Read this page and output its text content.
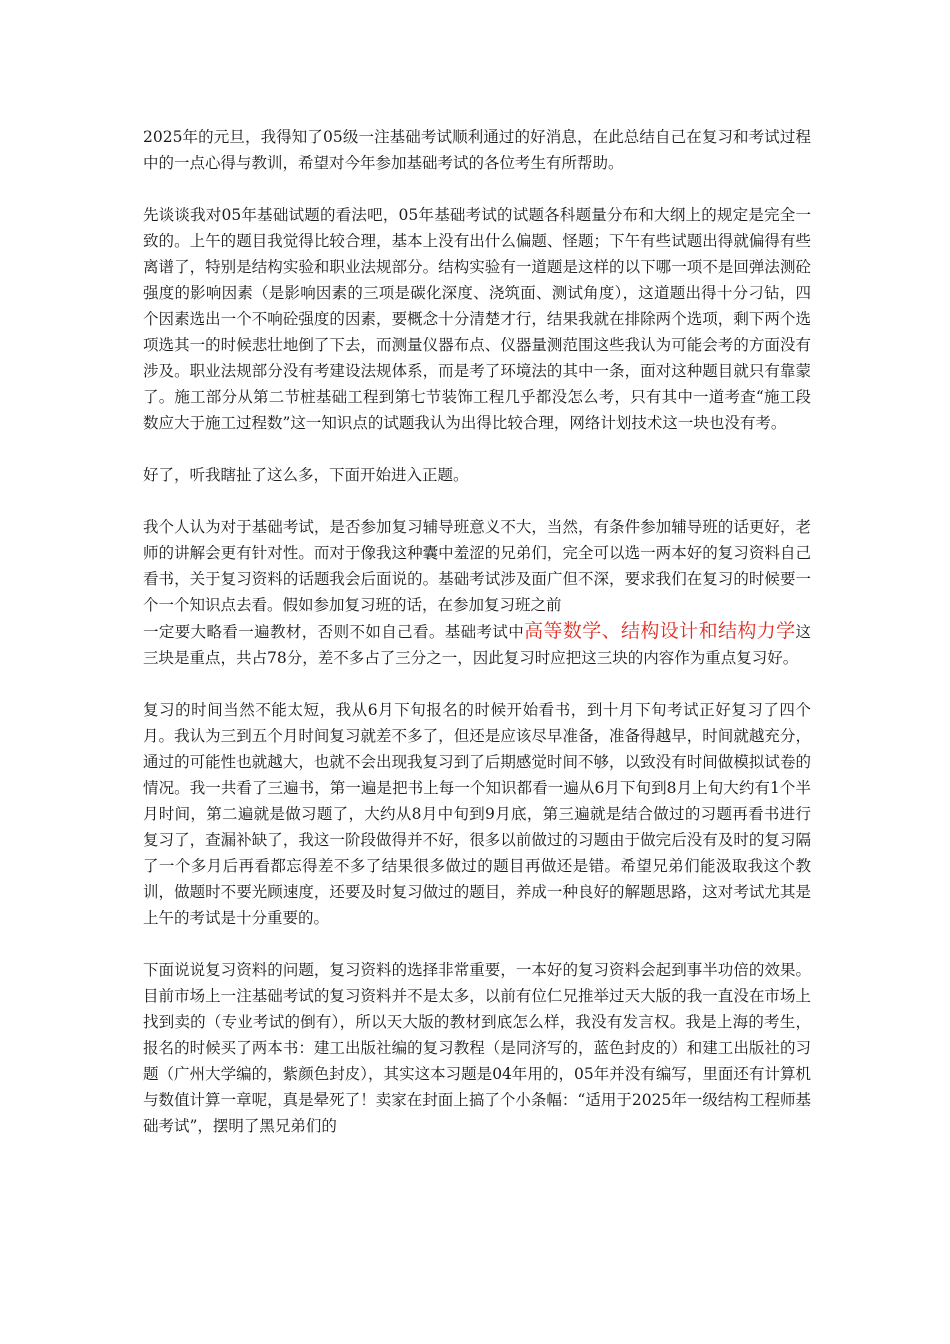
2025年的元旦，我得知了05级一注基础考试顺利通过的好消息，在此总结自己在复习和考试过程中的一点心得与教训，希望对今年参加基础考试的各位考生有所帮助。

先谈谈我对05年基础试题的看法吧，05年基础考试的试题各科题量分布和大纲上的规定是完全一致的。上午的题目我觉得比较合理，基本上没有出什么偏题、怪题；下午有些试题出得就偏得有些离谱了，特别是结构实验和职业法规部分。结构实验有一道题是这样的以下哪一项不是回弹法测砼强度的影响因素（是影响因素的三项是碳化深度、浇筑面、测试角度），这道题出得十分刁钻，四个因素选出一个不响砼强度的因素，要概念十分清楚才行，结果我就在排除两个选项，剩下两个选项选其一的时候悲壮地倒了下去，而测量仪器布点、仪器量测范围这些我认为可能会考的方面没有涉及。职业法规部分没有考建设法规体系，而是考了环境法的其中一条，面对这种题目就只有靠蒙了。施工部分从第二节桩基础工程到第七节装饰工程几乎都没怎么考，只有其中一道考查“施工段数应大于施工过程数”这一知识点的试题我认为出得比较合理，网络计划技术这一块也没有考。

好了，听我瞎扯了这么多，下面开始进入正题。

我个人认为对于基础考试，是否参加复习辅导班意义不大，当然，有条件参加辅导班的话更好，老师的讲解会更有针对性。而对于像我这种囊中羞涩的兄弟们，完全可以选一两本好的复习资料自己看书，关于复习资料的话题我会后面说的。基础考试涉及面广但不深，要求我们在复习的时候要一个一个知识点去看。假如参加复习班的话，在参加复习班之前
一定要大略看一遍教材，否则不如自己看。基础考试中高等数学、结构设计和结构力学这三块是重点，共占78分，差不多占了三分之一，因此复习时应把这三块的内容作为重点复习好。

复习的时间当然不能太短，我从6月下旬报名的时候开始看书，到十月下旬考试正好复习了四个月。我认为三到五个月时间复习就差不多了，但还是应该尽早准备，准备得越早，时间就越充分，通过的可能性也就越大，也就不会出现我复习到了后期感觉时间不够，以致没有时间做模拟试卷的情况。我一共看了三遍书，第一遍是把书上每一个知识都看一遍从6月下旬到8月上旬大约有1个半月时间，第二遍就是做习题了，大约从8月中旬到9月底，第三遍就是结合做过的习题再看书进行复习了，查漏补缺了，我这一阶段做得并不好，很多以前做过的习题由于做完后没有及时的复习隔了一个多月后再看都忘得差不多了结果很多做过的题目再做还是错。希望兄弟们能汲取我这个教训，做题时不要光顾速度，还要及时复习做过的题目，养成一种良好的解题思路，这对考试尤其是上午的考试是十分重要的。

下面说说复习资料的问题，复习资料的选择非常重要，一本好的复习资料会起到事半功倍的效果。目前市场上一注基础考试的复习资料并不是太多，以前有位仁兄推举过天大版的我一直没在市场上找到卖的（专业考试的倒有），所以天大版的教材到底怎么样，我没有发言权。我是上海的考生，报名的时候买了两本书：建工出版社编的复习教程（是同济写的，蓝色封皮的）和建工出版社的习题（广州大学编的，紫颜色封皮），其实这本习题是04年用的，05年并没有编写，里面还有计算机与数值计算一章呢，真是晕死了！卖家在封面上搞了个小条幅：“适用于2025年一级结构工程师基础考试”，摆明了黑兄弟们的
